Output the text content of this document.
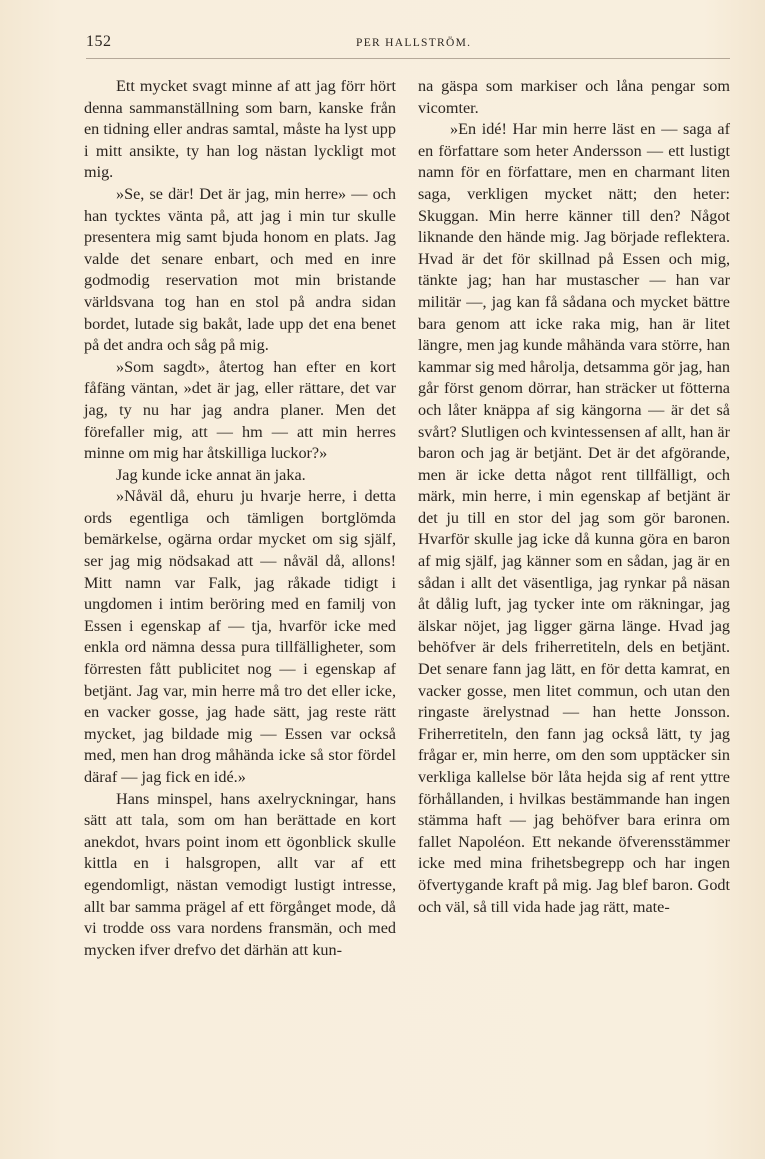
152	PER HALLSTRÖM.

Ett mycket svagt minne af att jag förr hört denna sammanställning som barn, kanske från en tidning eller andras samtal, måste ha lyst upp i mitt ansikte, ty han log nästan lyckligt mot mig.

»Se, se där! Det är jag, min herre» — och han tycktes vänta på, att jag i min tur skulle presentera mig samt bjuda honom en plats. Jag valde det senare enbart, och med en inre godmodig reservation mot min bristande världsvana tog han en stol på andra sidan bordet, lutade sig bakåt, lade upp det ena benet på det andra och såg på mig.

»Som sagdt», återtog han efter en kort fåfäng väntan, »det är jag, eller rättare, det var jag, ty nu har jag andra planer. Men det förefaller mig, att — hm — att min herres minne om mig har åtskilliga luckor?»

Jag kunde icke annat än jaka.

»Nåväl då, ehuru ju hvarje herre, i detta ords egentliga och tämligen bortglömda bemärkelse, ogärna ordar mycket om sig själf, ser jag mig nödsakad att — nåväl då, allons! Mitt namn var Falk, jag råkade tidigt i ungdomen i intim beröring med en familj von Essen i egenskap af — tja, hvarför icke med enkla ord nämna dessa pura tillfälligheter, som förresten fått publicitet nog — i egenskap af betjänt. Jag var, min herre må tro det eller icke, en vacker gosse, jag hade sätt, jag reste rätt mycket, jag bildade mig — Essen var också med, men han drog måhända icke så stor fördel däraf — jag fick en idé.»

Hans minspel, hans axelryckningar, hans sätt att tala, som om han berättade en kort anekdot, hvars point inom ett ögonblick skulle kittla en i halsgropen, allt var af ett egendomligt, nästan vemodigt lustigt intresse, allt bar samma prägel af ett förgånget mode, då vi trodde oss vara nordens fransmän, och med mycken ifver drefvo det därhän att kun-

na gäspa som markiser och låna pengar som vicomter.

»En idé! Har min herre läst en — saga af en författare som heter Andersson — ett lustigt namn för en författare, men en charmant liten saga, verkligen mycket nätt; den heter: Skuggan. Min herre känner till den? Något liknande den hände mig. Jag började reflektera. Hvad är det för skillnad på Essen och mig, tänkte jag; han har mustascher — han var militär —, jag kan få sådana och mycket bättre bara genom att icke raka mig, han är litet längre, men jag kunde måhända vara större, han kammar sig med hårolja, detsamma gör jag, han går först genom dörrar, han sträcker ut fötterna och låter knäppa af sig kängorna — är det så svårt? Slutligen och kvintessensen af allt, han är baron och jag är betjänt. Det är det afgörande, men är icke detta något rent tillfälligt, och märk, min herre, i min egenskap af betjänt är det ju till en stor del jag som gör baronen. Hvarför skulle jag icke då kunna göra en baron af mig själf, jag känner som en sådan, jag är en sådan i allt det väsentliga, jag rynkar på näsan åt dålig luft, jag tycker inte om räkningar, jag älskar nöjet, jag ligger gärna länge. Hvad jag behöfver är dels friherretiteln, dels en betjänt. Det senare fann jag lätt, en för detta kamrat, en vacker gosse, men litet commun, och utan den ringaste ärelystnad — han hette Jonsson. Friherretiteln, den fann jag också lätt, ty jag frågar er, min herre, om den som upptäcker sin verkliga kallelse bör låta hejda sig af rent yttre förhållanden, i hvilkas bestämmande han ingen stämma haft — jag behöfver bara erinra om fallet Napoléon. Ett nekande öfverensstämmer icke med mina frihetsbegrepp och har ingen öfvertygande kraft på mig. Jag blef baron. Godt och väl, så till vida hade jag rätt, mate-
